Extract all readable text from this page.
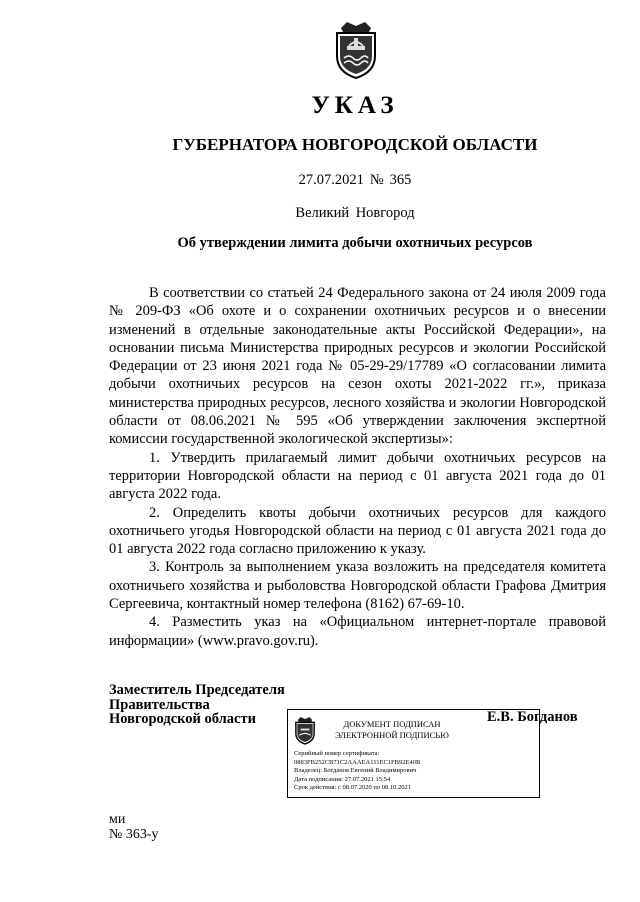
УКАЗ
ГУБЕРНАТОРА НОВГОРОДСКОЙ ОБЛАСТИ
27.07.2021 № 365
Великий Новгород
Об утверждении лимита добычи охотничьих ресурсов

В соответствии со статьей 24 Федерального закона от 24 июля 2009 года № 209-ФЗ «Об охоте и о сохранении охотничьих ресурсов и о внесении изменений в отдельные законодательные акты Российской Федерации», на основании письма Министерства природных ресурсов и экологии Российской Федерации от 23 июня 2021 года № 05-29-29/17789 «О согласовании лимита добычи охотничьих ресурсов на сезон охоты 2021-2022 гг.», приказа министерства природных ресурсов, лесного хозяйства и экологии Новгородской области от 08.06.2021 № 595 «Об утверждении заключения экспертной комиссии государственной экологической экспертизы»:

1. Утвердить прилагаемый лимит добычи охотничьих ресурсов на территории Новгородской области на период с 01 августа 2021 года до 01 августа 2022 года.

2. Определить квоты добычи охотничьих ресурсов для каждого охотничьего угодья Новгородской области на период с 01 августа 2021 года до 01 августа 2022 года согласно приложению к указу.

3. Контроль за выполнением указа возложить на председателя комитета охотничьего хозяйства и рыболовства Новгородской области Графова Дмитрия Сергеевича, контактный номер телефона (8162) 67-69-10.

4. Разместить указ на «Официальном интернет-портале правовой информации» (www.pravo.gov.ru).

Заместитель Председателя
Правительства
Новгородской области	ДОКУМЕНТ ПОДПИСАН
ЭЛЕКТРОННОЙ ПОДПИСЬЮ
Серийный номер сертификата:
0883FB252CB71C2AAAEA111EC1FB92E40B
Владелец: Богданов Евгений Владимирович
Дата подписания: 27.07.2021 15:54
Срок действия: с 08.07.2020 по 08.10.2021
Е.В. Богданов
ми
№ 363-у
